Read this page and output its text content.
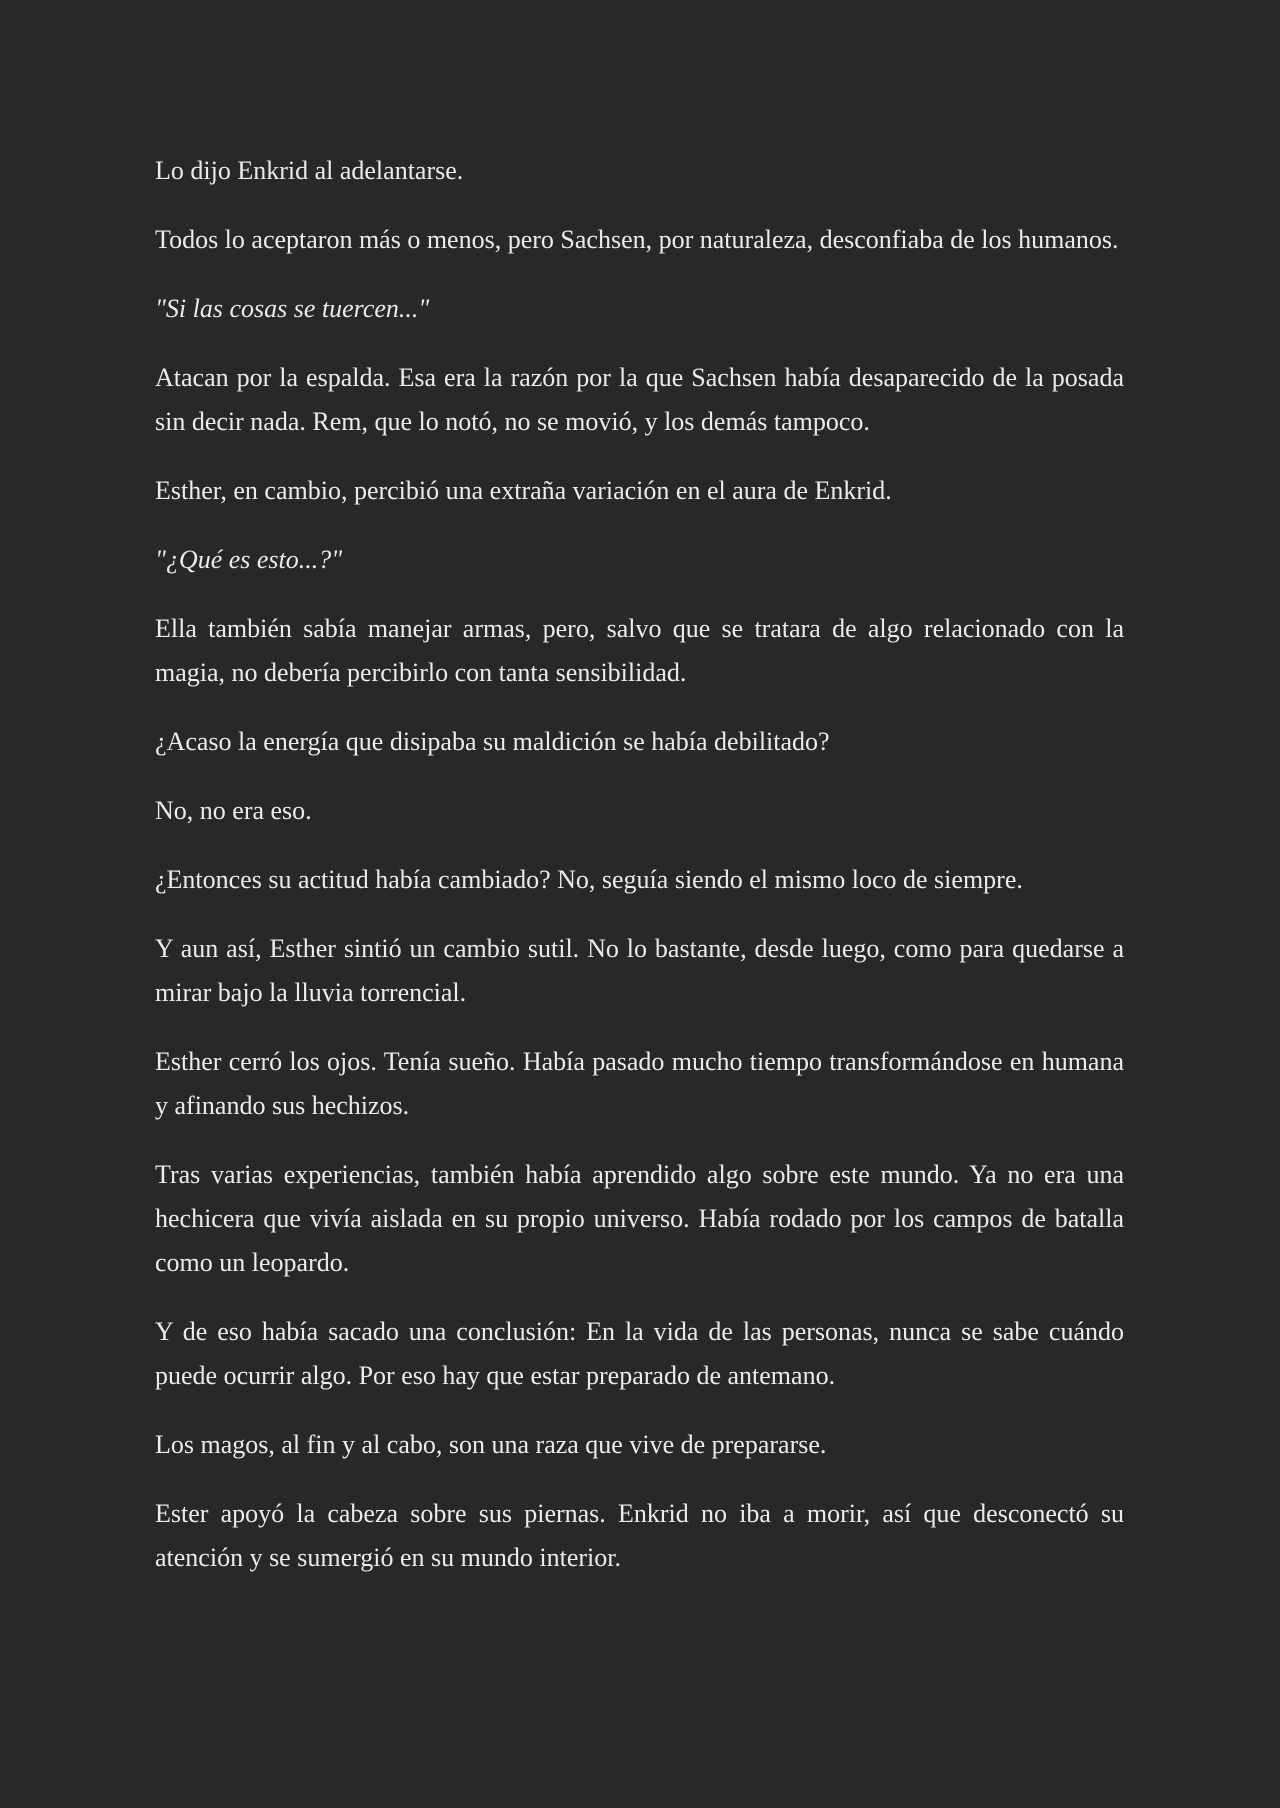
Lo dijo Enkrid al adelantarse.

Todos lo aceptaron más o menos, pero Sachsen, por naturaleza, desconfiaba de los humanos.

"Si las cosas se tuercen..."

Atacan por la espalda. Esa era la razón por la que Sachsen había desaparecido de la posada sin decir nada. Rem, que lo notó, no se movió, y los demás tampoco.

Esther, en cambio, percibió una extraña variación en el aura de Enkrid.

"¿Qué es esto...?"

Ella también sabía manejar armas, pero, salvo que se tratara de algo relacionado con la magia, no debería percibirlo con tanta sensibilidad.

¿Acaso la energía que disipaba su maldición se había debilitado?

No, no era eso.

¿Entonces su actitud había cambiado? No, seguía siendo el mismo loco de siempre.

Y aun así, Esther sintió un cambio sutil. No lo bastante, desde luego, como para quedarse a mirar bajo la lluvia torrencial.

Esther cerró los ojos. Tenía sueño. Había pasado mucho tiempo transformándose en humana y afinando sus hechizos.

Tras varias experiencias, también había aprendido algo sobre este mundo. Ya no era una hechicera que vivía aislada en su propio universo. Había rodado por los campos de batalla como un leopardo.

Y de eso había sacado una conclusión: En la vida de las personas, nunca se sabe cuándo puede ocurrir algo. Por eso hay que estar preparado de antemano.

Los magos, al fin y al cabo, son una raza que vive de prepararse.

Ester apoyó la cabeza sobre sus piernas. Enkrid no iba a morir, así que desconectó su atención y se sumergió en su mundo interior.
